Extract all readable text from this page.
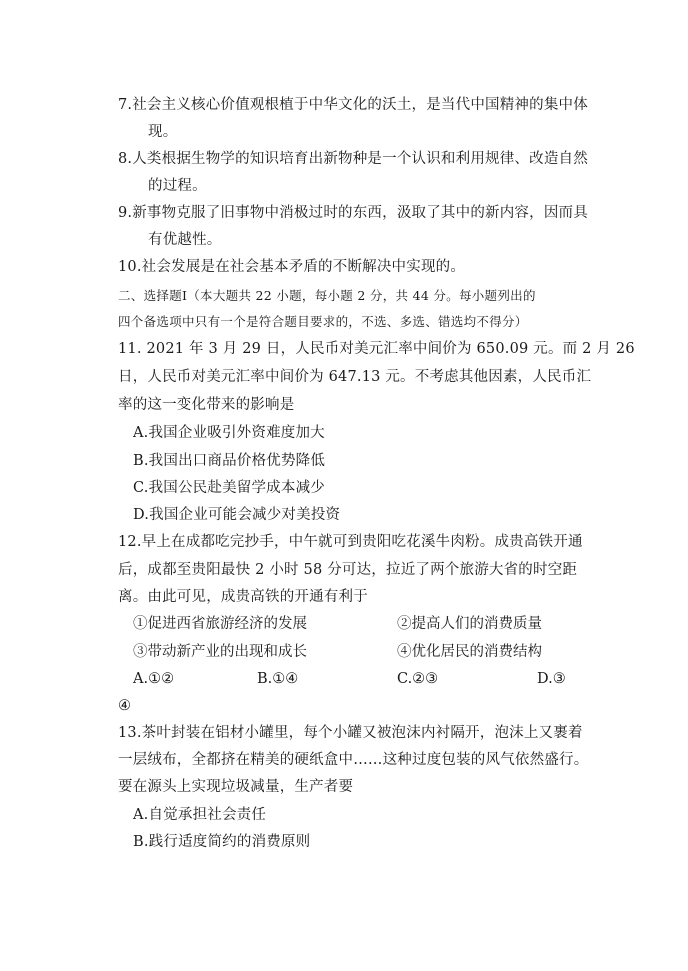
7.社会主义核心价值观根植于中华文化的沃土，是当代中国精神的集中体
现。
8.人类根据生物学的知识培育出新物种是一个认识和利用规律、改造自然
的过程。
9.新事物克服了旧事物中消极过时的东西，汲取了其中的新内容，因而具
有优越性。
10.社会发展是在社会基本矛盾的不断解决中实现的。
二、选择题Ⅰ（本大题共 22 小题，每小题 2 分，共 44 分。每小题列出的
四个备选项中只有一个是符合题目要求的，不选、多选、错选均不得分）
11. 2021 年 3 月 29 日，人民币对美元汇率中间价为 650.09 元。而 2 月 26
日，人民币对美元汇率中间价为 647.13 元。不考虑其他因素，人民币汇
率的这一变化带来的影响是
A.我国企业吸引外资难度加大
B.我国出口商品价格优势降低
C.我国公民赴美留学成本减少
D.我国企业可能会减少对美投资
12.早上在成都吃完抄手，中午就可到贵阳吃花溪牛肉粉。成贵高铁开通
后，成都至贵阳最快 2 小时 58 分可达，拉近了两个旅游大省的时空距
离。由此可见，成贵高铁的开通有利于
①促进西省旅游经济的发展	②提高人们的消费质量
③带动新产业的出现和成长	④优化居民的消费结构
A.①②	B.①④	C.②③	D.③
④
13.茶叶封装在铝材小罐里，每个小罐又被泡沫内衬隔开，泡沫上又裹着
一层绒布，全都挤在精美的硬纸盒中……这种过度包装的风气依然盛行。
要在源头上实现垃圾减量，生产者要
A.自觉承担社会责任
B.践行适度简约的消费原则
